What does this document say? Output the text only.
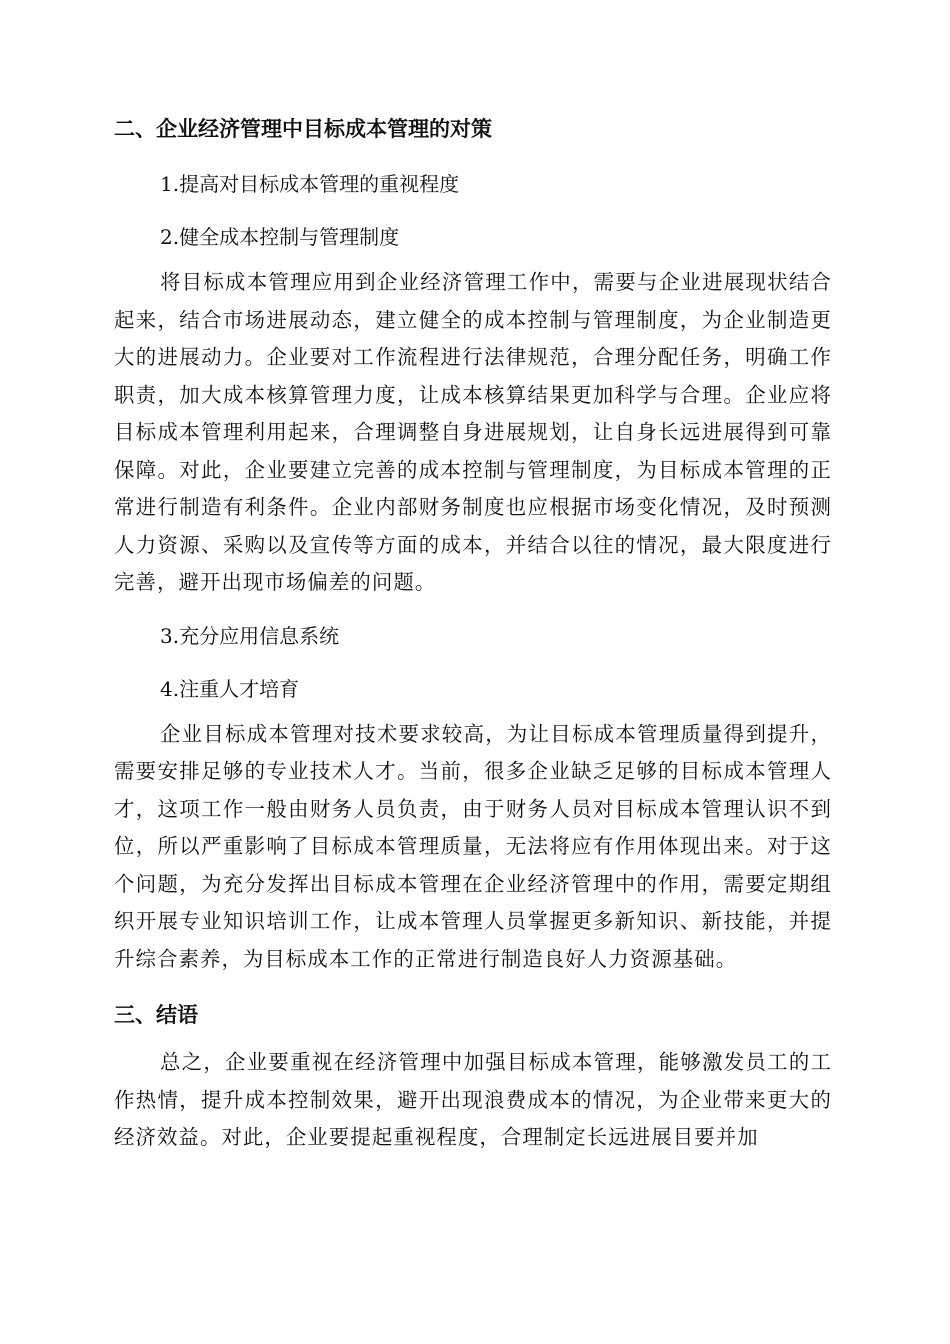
二、企业经济管理中目标成本管理的对策

1.提高对目标成本管理的重视程度

2.健全成本控制与管理制度

将目标成本管理应用到企业经济管理工作中，需要与企业进展现状结合起来，结合市场进展动态，建立健全的成本控制与管理制度，为企业制造更大的进展动力。企业要对工作流程进行法律规范，合理分配任务，明确工作职责，加大成本核算管理力度，让成本核算结果更加科学与合理。企业应将目标成本管理利用起来，合理调整自身进展规划，让自身长远进展得到可靠保障。对此，企业要建立完善的成本控制与管理制度，为目标成本管理的正常进行制造有利条件。企业内部财务制度也应根据市场变化情况，及时预测人力资源、采购以及宣传等方面的成本，并结合以往的情况，最大限度进行完善，避开出现市场偏差的问题。

3.充分应用信息系统

4.注重人才培育

企业目标成本管理对技术要求较高，为让目标成本管理质量得到提升，需要安排足够的专业技术人才。当前，很多企业缺乏足够的目标成本管理人才，这项工作一般由财务人员负责，由于财务人员对目标成本管理认识不到位，所以严重影响了目标成本管理质量，无法将应有作用体现出来。对于这个问题，为充分发挥出目标成本管理在企业经济管理中的作用，需要定期组织开展专业知识培训工作，让成本管理人员掌握更多新知识、新技能，并提升综合素养，为目标成本工作的正常进行制造良好人力资源基础。

三、结语

总之，企业要重视在经济管理中加强目标成本管理，能够激发员工的工作热情，提升成本控制效果，避开出现浪费成本的情况，为企业带来更大的经济效益。对此，企业要提起重视程度，合理制定长远进展目要并加
